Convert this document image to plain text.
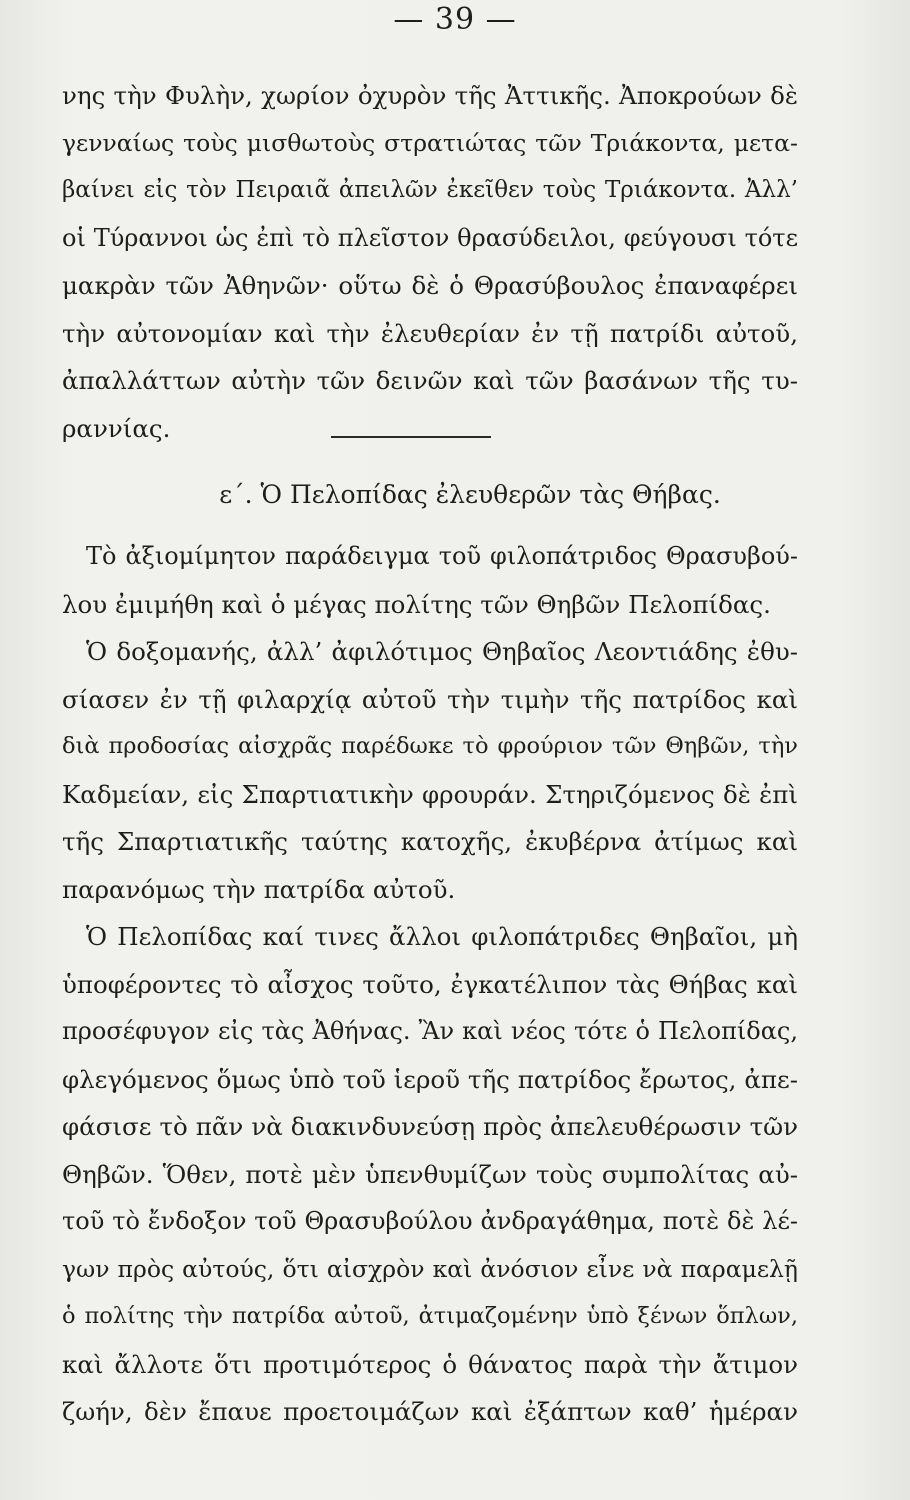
— 39 —
νης τὴν Φυλὴν, χωρίον ὀχυρὸν τῆς Ἀττικῆς. Ἀποκρούων δὲ
γενναίως τοὺς μισθωτοὺς στρατιώτας τῶν Τριάκοντα, μετα-
βαίνει εἰς τὸν Πειραιᾶ ἀπειλῶν ἐκεῖθεν τοὺς Τριάκοντα. Ἀλλ’
οἱ Τύραννοι ὡς ἐπὶ τὸ πλεῖστον θρασύδειλοι, φεύγουσι τότε
μακρὰν τῶν Ἀθηνῶν· οὕτω δὲ ὁ Θρασύβουλος ἐπαναφέρει
τὴν αὐτονομίαν καὶ τὴν ἐλευθερίαν ἐν τῇ πατρίδι αὐτοῦ,
ἀπαλλάττων αὐτὴν τῶν δεινῶν καὶ τῶν βασάνων τῆς τυ-
ραννίας.
ε΄. Ὁ Πελοπίδας ἐλευθερῶν τὰς Θήβας.
Τὸ ἀξιομίμητον παράδειγμα τοῦ φιλοπάτριδος Θρασυβού-
λου ἐμιμήθη καὶ ὁ μέγας πολίτης τῶν Θηβῶν Πελοπίδας.
Ὁ δοξομανής, ἀλλ’ ἀφιλότιμος Θηβαῖος Λεοντιάδης ἐθυ-
σίασεν ἐν τῇ φιλαρχίᾳ αὐτοῦ τὴν τιμὴν τῆς πατρίδος καὶ
διὰ προδοσίας αἰσχρᾶς παρέδωκε τὸ φρούριον τῶν Θηβῶν, τὴν
Καδμείαν, εἰς Σπαρτιατικὴν φρουράν. Στηριζόμενος δὲ ἐπὶ
τῆς Σπαρτιατικῆς ταύτης κατοχῆς, ἐκυβέρνα ἀτίμως καὶ
παρανόμως τὴν πατρίδα αὐτοῦ.
Ὁ Πελοπίδας καί τινες ἄλλοι φιλοπάτριδες Θηβαῖοι, μὴ
ὑποφέροντες τὸ αἶσχος τοῦτο, ἐγκατέλιπον τὰς Θήβας καὶ
προσέφυγον εἰς τὰς Ἀθήνας. Ἂν καὶ νέος τότε ὁ Πελοπίδας,
φλεγόμενος ὅμως ὑπὸ τοῦ ἱεροῦ τῆς πατρίδος ἔρωτος, ἀπε-
φάσισε τὸ πᾶν νὰ διακινδυνεύσῃ πρὸς ἀπελευθέρωσιν τῶν
Θηβῶν. Ὅθεν, ποτὲ μὲν ὑπενθυμίζων τοὺς συμπολίτας αὐ-
τοῦ τὸ ἔνδοξον τοῦ Θρασυβούλου ἀνδραγάθημα, ποτὲ δὲ λέ-
γων πρὸς αὐτούς, ὅτι αἰσχρὸν καὶ ἀνόσιον εἶνε νὰ παραμελῇ
ὁ πολίτης τὴν πατρίδα αὐτοῦ, ἀτιμαζομένην ὑπὸ ξένων ὅπλων,
καὶ ἄλλοτε ὅτι προτιμότερος ὁ θάνατος παρὰ τὴν ἄτιμον
ζωήν, δὲν ἔπαυε προετοιμάζων καὶ ἐξάπτων καθ’ ἡμέραν
